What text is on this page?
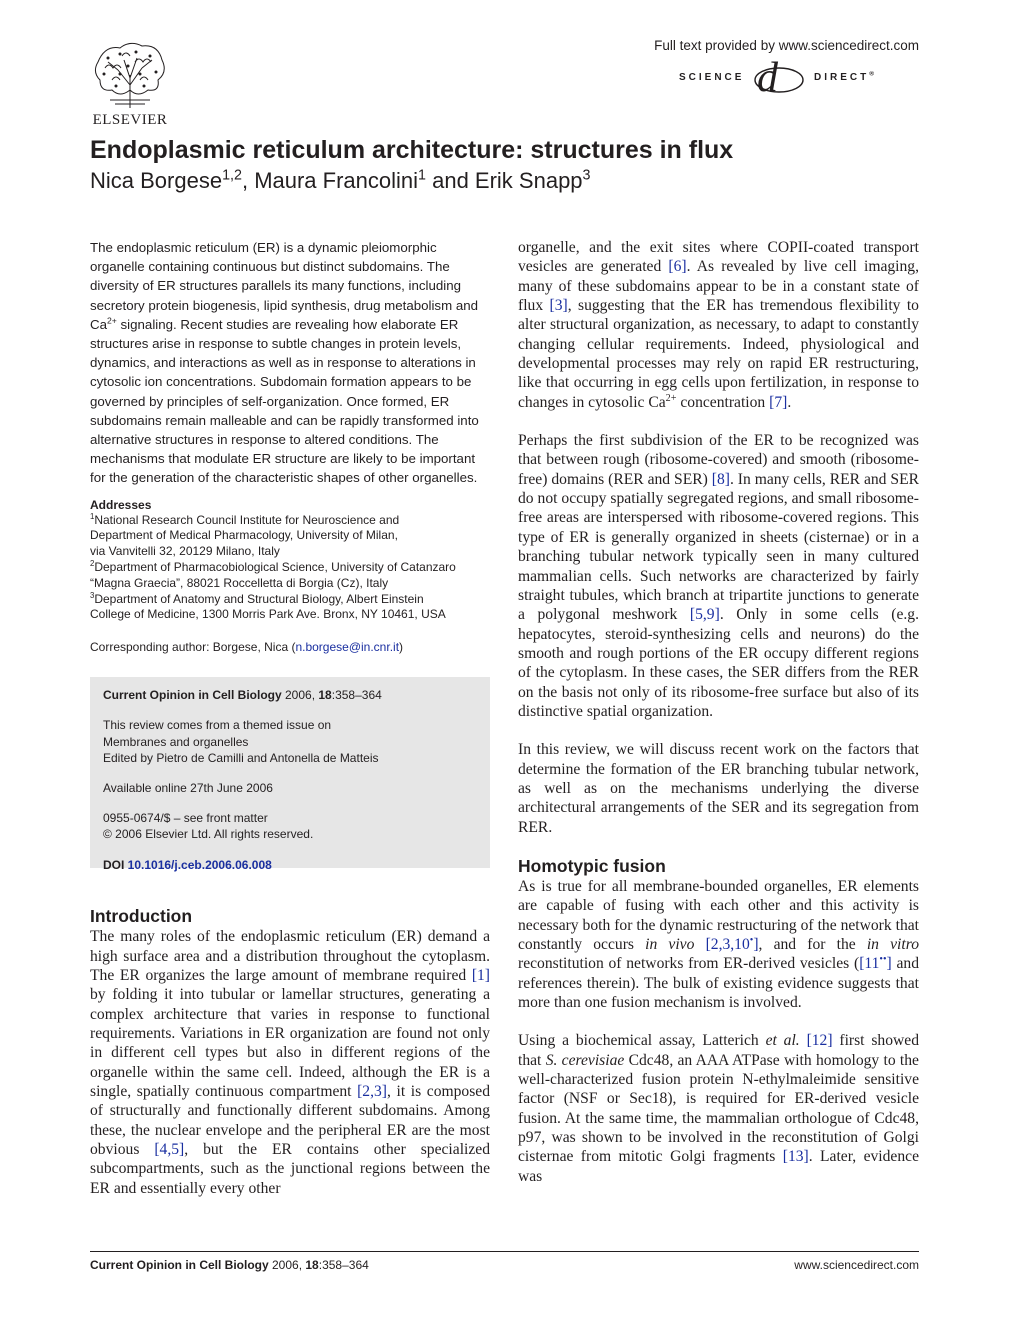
ELSEVIER
Full text provided by www.sciencedirect.com
SCIENCE d	DIRECT®
Endoplasmic reticulum architecture: structures in flux
Nica Borgese$^{1,2}$, Maura Francolini$^1$ and Erik Snapp$^3$

The endoplasmic reticulum (ER) is a dynamic pleiomorphic organelle containing continuous but distinct subdomains. The diversity of ER structures parallels its many functions, including secretory protein biogenesis, lipid synthesis, drug metabolism and $Ca^{2+}$ signaling. Recent studies are revealing how elaborate ER structures arise in response to subtle changes in protein levels, dynamics, and interactions as well as in response to alterations in cytosolic ion concentrations. Subdomain formation appears to be governed by principles of self-organization. Once formed, ER subdomains remain malleable and can be rapidly transformed into alternative structures in response to altered conditions. The mechanisms that modulate ER structure are likely to be important for the generation of the characteristic shapes of other organelles.

Addresses

$^1$National Research Council Institute for Neuroscience and
Department of Medical Pharmacology, University of Milan,
via Vanvitelli 32, 20129 Milano, Italy

$^2$Department of Pharmacobiological Science, University of Catanzaro
“Magna Graecia”, 88021 Roccelletta di Borgia (Cz), Italy

$^3$Department of Anatomy and Structural Biology, Albert Einstein
College of Medicine, 1300 Morris Park Ave. Bronx, NY 10461, USA

Corresponding author: Borgese, Nica (n.borgese@in.cnr.it)

Current Opinion in Cell Biology 2006, 18:358–364

This review comes from a themed issue on

Membranes and organelles

Edited by Pietro de Camilli and Antonella de Matteis

Available online 27th June 2006

0955-0674/$ – see front matter

© 2006 Elsevier Ltd. All rights reserved.

DOI 10.1016/j.ceb.2006.06.008

Introduction

The many roles of the endoplasmic reticulum (ER) demand a high surface area and a distribution throughout the cytoplasm. The ER organizes the large amount of membrane required [1] by folding it into tubular or lamellar structures, generating a complex architecture that varies in response to functional requirements. Variations in ER organization are found not only in different cell types but also in different regions of the organelle within the same cell. Indeed, although the ER is a single, spatially continuous compartment [2,3], it is composed of structurally and functionally different subdomains. Among these, the nuclear envelope and the peripheral ER are the most obvious [4,5], but the ER contains other specialized subcompartments, such as the junctional regions between the ER and essentially every other

organelle, and the exit sites where COPII-coated transport vesicles are generated [6]. As revealed by live cell imaging, many of these subdomains appear to be in a constant state of flux [3], suggesting that the ER has tremendous flexibility to alter structural organization, as necessary, to adapt to constantly changing cellular requirements. Indeed, physiological and developmental processes may rely on rapid ER restructuring, like that occurring in egg cells upon fertilization, in response to changes in cytosolic $Ca^{2+}$ concentration [7].

Perhaps the first subdivision of the ER to be recognized was that between rough (ribosome-covered) and smooth (ribosome-free) domains (RER and SER) [8]. In many cells, RER and SER do not occupy spatially segregated regions, and small ribosome-free areas are interspersed with ribosome-covered regions. This type of ER is generally organized in sheets (cisternae) or in a branching tubular network typically seen in many cultured mammalian cells. Such networks are characterized by fairly straight tubules, which branch at tripartite junctions to generate a polygonal meshwork [5,9]. Only in some cells (e.g. hepatocytes, steroid-synthesizing cells and neurons) do the smooth and rough portions of the ER occupy different regions of the cytoplasm. In these cases, the SER differs from the RER on the basis not only of its ribosome-free surface but also of its distinctive spatial organization.

In this review, we will discuss recent work on the factors that determine the formation of the ER branching tubular network, as well as on the mechanisms underlying the diverse architectural arrangements of the SER and its segregation from RER.

Homotypic fusion

As is true for all membrane-bounded organelles, ER elements are capable of fusing with each other and this activity is necessary both for the dynamic restructuring of the network that constantly occurs in vivo [2,3,10•], and for the in vitro reconstitution of networks from ER-derived vesicles ([11••] and references therein). The bulk of existing evidence suggests that more than one fusion mechanism is involved.

Using a biochemical assay, Latterich et al. [12] first showed that S. cerevisiae Cdc48, an AAA ATPase with homology to the well-characterized fusion protein N-ethylmaleimide sensitive factor (NSF or Sec18), is required for ER-derived vesicle fusion. At the same time, the mammalian orthologue of Cdc48, p97, was shown to be involved in the reconstitution of Golgi cisternae from mitotic Golgi fragments [13]. Later, evidence was

Current Opinion in Cell Biology 2006, 18:358–364	www.sciencedirect.com
